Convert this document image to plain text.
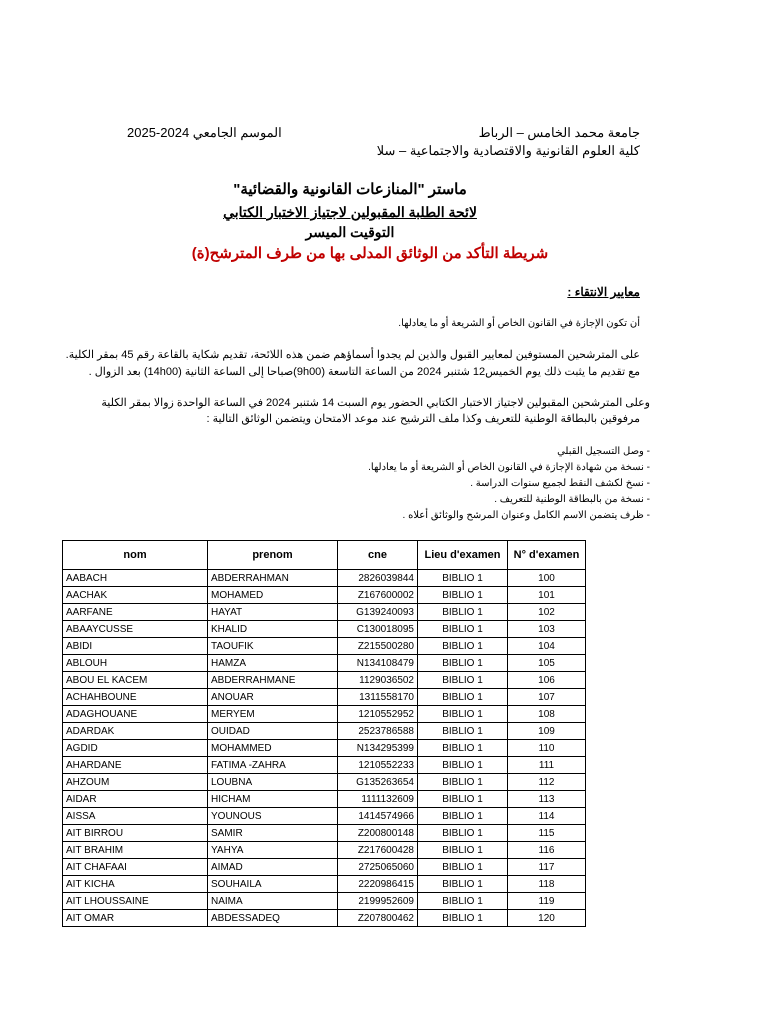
جامعة محمد الخامس – الرباط
كلية العلوم القانونية والاقتصادية والاجتماعية – سلا
الموسم الجامعي 2024-2025
ماستر "المنازعات القانونية والقضائية"
لائحة الطلبة المقبولين لاجتياز الاختبار الكتابي
التوقيت الميسر
شريطة التأكد من الوثائق المدلى بها من طرف المترشح(ة)
معايير الانتقاء :
أن تكون الإجازة في القانون الخاص أو الشريعة أو ما يعادلها.
على المترشحين المستوفين لمعايير القبول والذين لم يجدوا أسماؤهم ضمن هذه اللائحة، تقديم شكاية بالقاعة رقم 45 بمقر الكلية.
مع تقديم ما يثبت ذلك يوم الخميس12 شتنبر 2024 من الساعة التاسعة (9h00)صباحا إلى الساعة الثانية (14h00) بعد الزوال .
وعلى المترشحين المقبولين لاجتياز الاختبار الكتابي الحضور يوم السبت 14 شتنبر 2024 في الساعة الواحدة زوالا بمقر الكلية
مرفوقين بالبطاقة الوطنية للتعريف وكذا ملف الترشيح عند موعد الامتحان ويتضمن الوثائق التالية :
- وصل التسجيل القبلي
- نسخة من شهادة الإجازة في القانون الخاص أو الشريعة أو ما يعادلها.
- نسخ لكشف النقط لجميع سنوات الدراسة .
- نسخة من بالبطاقة الوطنية للتعريف .
- ظرف يتضمن الاسم الكامل وعنوان المرشح والوثائق أعلاه .
nom	prenom	cne	Lieu d'examen	N° d'examen
AABACH	ABDERRAHMAN	2826039844	BIBLIO 1	100
AACHAK	MOHAMED	Z167600002	BIBLIO 1	101
AARFANE	HAYAT	G139240093	BIBLIO 1	102
ABAAYCUSSE	KHALID	C130018095	BIBLIO 1	103
ABIDI	TAOUFIK	Z215500280	BIBLIO 1	104
ABLOUH	HAMZA	N134108479	BIBLIO 1	105
ABOU EL KACEM	ABDERRAHMANE	1129036502	BIBLIO 1	106
ACHAHBOUNE	ANOUAR	1311558170	BIBLIO 1	107
ADAGHOUANE	MERYEM	1210552952	BIBLIO 1	108
ADARDAK	OUIDAD	2523786588	BIBLIO 1	109
AGDID	MOHAMMED	N134295399	BIBLIO 1	110
AHARDANE	FATIMA -ZAHRA	1210552233	BIBLIO 1	111
AHZOUM	LOUBNA	G135263654	BIBLIO 1	112
AIDAR	HICHAM	1111132609	BIBLIO 1	113
AISSA	YOUNOUS	1414574966	BIBLIO 1	114
AIT BIRROU	SAMIR	Z200800148	BIBLIO 1	115
AIT BRAHIM	YAHYA	Z217600428	BIBLIO 1	116
AIT CHAFAAI	AIMAD	2725065060	BIBLIO 1	117
AIT KICHA	SOUHAILA	2220986415	BIBLIO 1	118
AIT LHOUSSAINE	NAIMA	2199952609	BIBLIO 1	119
AIT OMAR	ABDESSADEQ	Z207800462	BIBLIO 1	120
